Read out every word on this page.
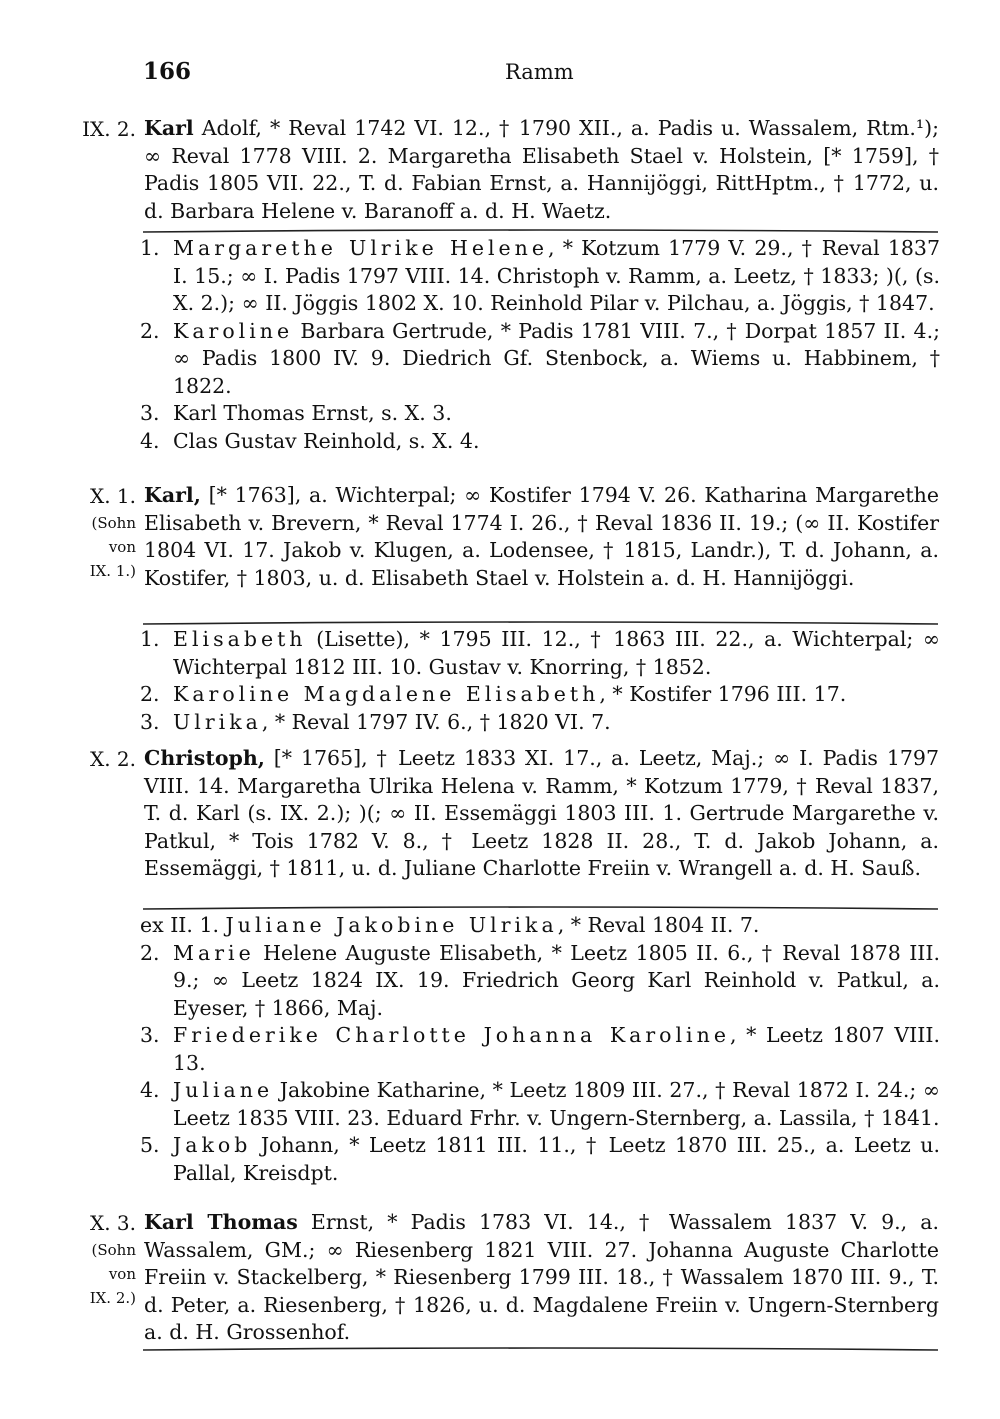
166	Ramm
IX. 2. Karl Adolf, * Reval 1742 VI. 12., † 1790 XII., a. Padis u. Wassalem, Rtm.¹); ∞ Reval 1778 VIII. 2. Margaretha Elisabeth Stael v. Holstein, [* 1759], † Padis 1805 VII. 22., T. d. Fabian Ernst, a. Hannijöggi, RittHptm., † 1772, u. d. Barbara Helene v. Baranoff a. d. H. Waetz.
1. Margarethe Ulrike Helene, * Kotzum 1779 V. 29., † Reval 1837 I. 15.; ∞ I. Padis 1797 VIII. 14. Christoph v. Ramm, a. Leetz, † 1833; )(, (s. X. 2.); ∞ II. Jöggis 1802 X. 10. Reinhold Pilar v. Pilchau, a. Jöggis, † 1847.
2. Karoline Barbara Gertrude, * Padis 1781 VIII. 7., † Dorpat 1857 II. 4.; ∞ Padis 1800 IV. 9. Diedrich Gf. Stenbock, a. Wiems u. Habbinem, † 1822.
3. Karl Thomas Ernst, s. X. 3.
4. Clas Gustav Reinhold, s. X. 4.
X. 1.
(Sohn
von
IX. 1.)
Karl, [* 1763], a. Wichterpal; ∞ Kostifer 1794 V. 26. Katharina Margarethe Elisabeth v. Brevern, * Reval 1774 I. 26., † Reval 1836 II. 19.; (∞ II. Kostifer 1804 VI. 17. Jakob v. Klugen, a. Lodensee, † 1815, Landr.), T. d. Johann, a. Kostifer, † 1803, u. d. Elisabeth Stael v. Holstein a. d. H. Hannijöggi.
1. Elisabeth (Lisette), * 1795 III. 12., † 1863 III. 22., a. Wichterpal; ∞ Wichterpal 1812 III. 10. Gustav v. Knorring, † 1852.
2. Karoline Magdalene Elisabeth, * Kostifer 1796 III. 17.
3. Ulrika, * Reval 1797 IV. 6., † 1820 VI. 7.
X. 2. Christoph, [* 1765], † Leetz 1833 XI. 17., a. Leetz, Maj.; ∞ I. Padis 1797 VIII. 14. Margaretha Ulrika Helena v. Ramm, * Kotzum 1779, † Reval 1837, T. d. Karl (s. IX. 2.); )(; ∞ II. Essemäggi 1803 III. 1. Gertrude Margarethe v. Patkul, * Tois 1782 V. 8., † Leetz 1828 II. 28., T. d. Jakob Johann, a. Essemäggi, † 1811, u. d. Juliane Charlotte Freiin v. Wrangell a. d. H. Sauß.
ex II. 1. Juliane Jakobine Ulrika, * Reval 1804 II. 7.
2. Marie Helene Auguste Elisabeth, * Leetz 1805 II. 6., † Reval 1878 III. 9.; ∞ Leetz 1824 IX. 19. Friedrich Georg Karl Reinhold v. Patkul, a. Eyeser, † 1866, Maj.
3. Friederike Charlotte Johanna Karoline, * Leetz 1807 VIII. 13.
4. Juliane Jakobine Katharine, * Leetz 1809 III. 27., † Reval 1872 I. 24.; ∞ Leetz 1835 VIII. 23. Eduard Frhr. v. Ungern-Sternberg, a. Lassila, † 1841.
5. Jakob Johann, * Leetz 1811 III. 11., † Leetz 1870 III. 25., a. Leetz u. Pallal, Kreisdpt.
X. 3.
(Sohn
von
IX. 2.)
Karl Thomas Ernst, * Padis 1783 VI. 14., † Wassalem 1837 V. 9., a. Wassalem, GM.; ∞ Riesenberg 1821 VIII. 27. Johanna Auguste Charlotte Freiin v. Stackelberg, * Riesenberg 1799 III. 18., † Wassalem 1870 III. 9., T. d. Peter, a. Riesenberg, † 1826, u. d. Magdalene Freiin v. Ungern-Sternberg a. d. H. Grossenhof.
